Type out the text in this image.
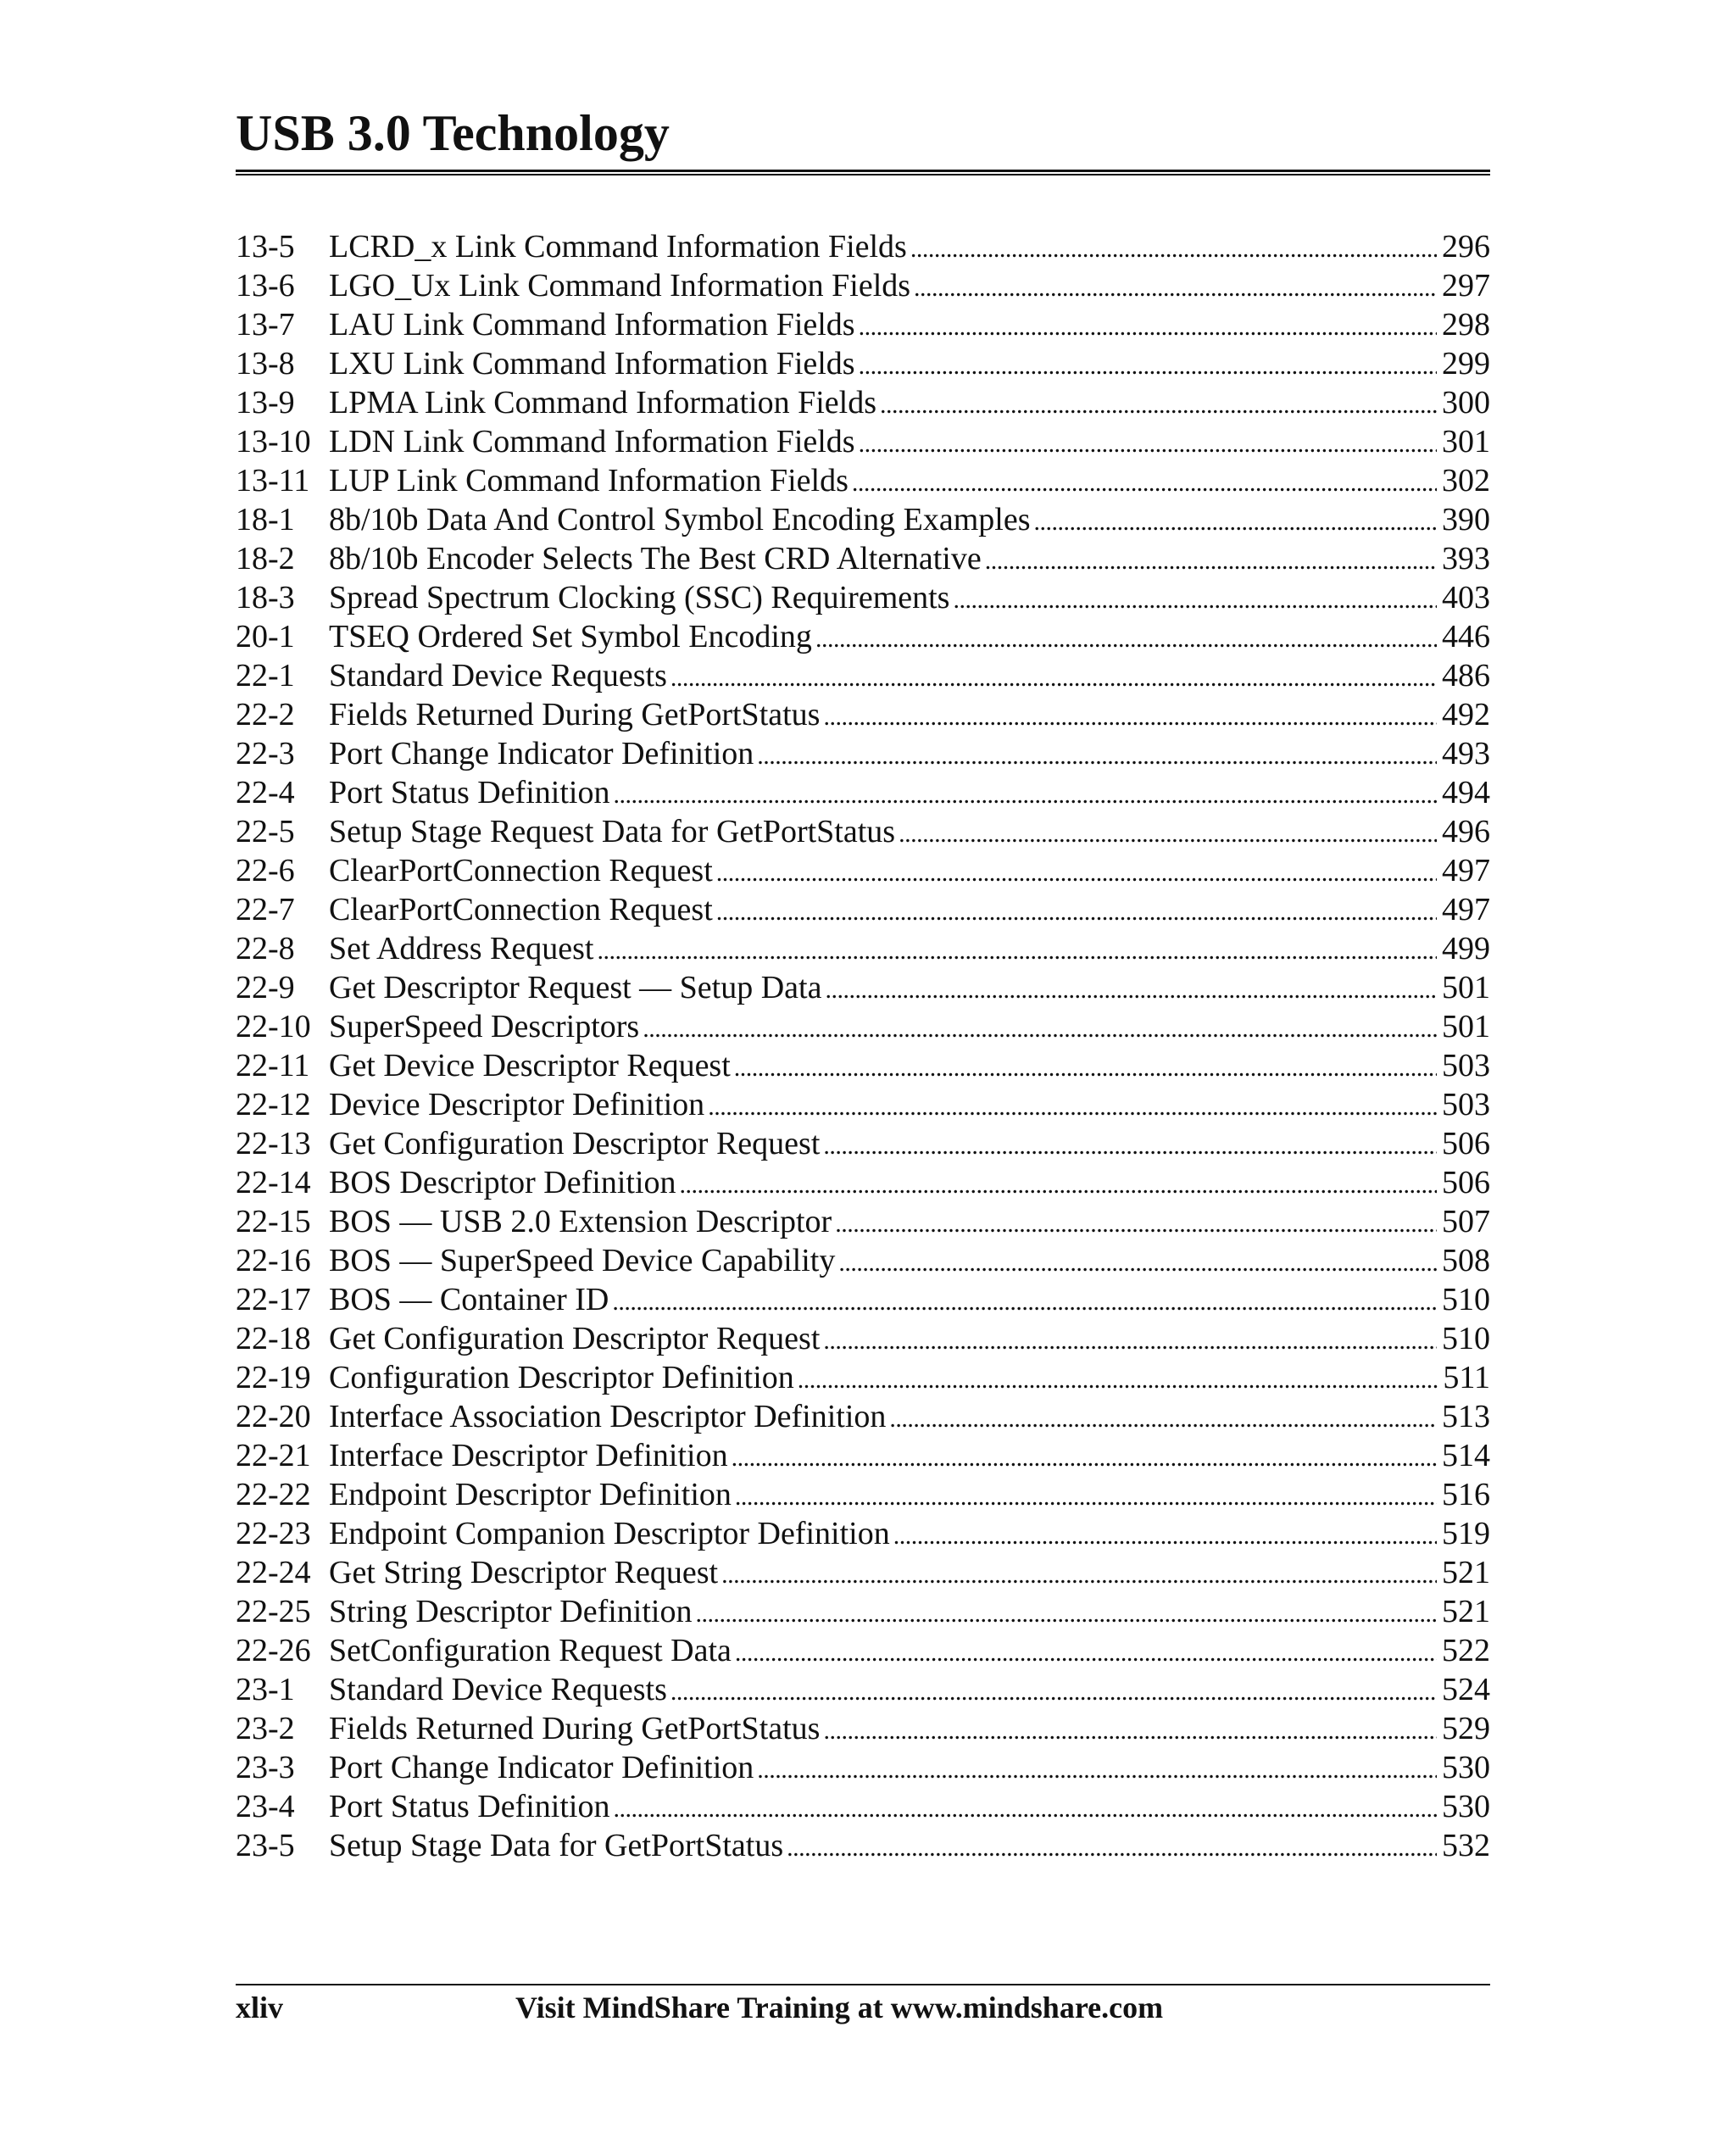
USB 3.0 Technology
13-5	LCRD_x Link Command Information Fields . . .	296
13-6	LGO_Ux Link Command Information Fields . . .	297
13-7	LAU Link Command Information Fields . . .	298
13-8	LXU Link Command Information Fields . . .	299
13-9	LPMA Link Command Information Fields . . .	300
13-10 LDN Link Command Information Fields . . .	301
13-11 LUP Link Command Information Fields . . .	302
18-1	8b/10b Data And Control Symbol Encoding Examples . . .	390
18-2	8b/10b Encoder Selects The Best CRD Alternative . . .	393
18-3	Spread Spectrum Clocking (SSC) Requirements . . .	403
20-1	TSEQ Ordered Set Symbol Encoding . . .	446
22-1	Standard Device Requests . . .	486
22-2	Fields Returned During GetPortStatus . . .	492
22-3	Port Change Indicator Definition . . .	493
22-4	Port Status Definition . . .	494
22-5	Setup Stage Request Data for GetPortStatus . . .	496
22-6	ClearPortConnection Request . . .	497
22-7	ClearPortConnection Request . . .	497
22-8	Set Address Request . . .	499
22-9	Get Descriptor Request — Setup Data . . .	501
22-10 SuperSpeed Descriptors . . .	501
22-11 Get Device Descriptor Request . . .	503
22-12 Device Descriptor Definition . . .	503
22-13 Get Configuration Descriptor Request . . .	506
22-14 BOS Descriptor Definition . . .	506
22-15 BOS — USB 2.0 Extension Descriptor . . .	507
22-16 BOS — SuperSpeed Device Capability . . .	508
22-17 BOS — Container ID . . .	510
22-18 Get Configuration Descriptor Request . . .	510
22-19 Configuration Descriptor Definition . . .	511
22-20 Interface Association Descriptor Definition . . .	513
22-21 Interface Descriptor Definition . . .	514
22-22 Endpoint Descriptor Definition . . .	516
22-23 Endpoint Companion Descriptor Definition . . .	519
22-24 Get String Descriptor Request . . .	521
22-25 String Descriptor Definition . . .	521
22-26 SetConfiguration Request Data . . .	522
23-1	Standard Device Requests . . .	524
23-2	Fields Returned During GetPortStatus . . .	529
23-3	Port Change Indicator Definition . . .	530
23-4	Port Status Definition . . .	530
23-5	Setup Stage Data for GetPortStatus . . .	532
xliv	Visit MindShare Training at www.mindshare.com
